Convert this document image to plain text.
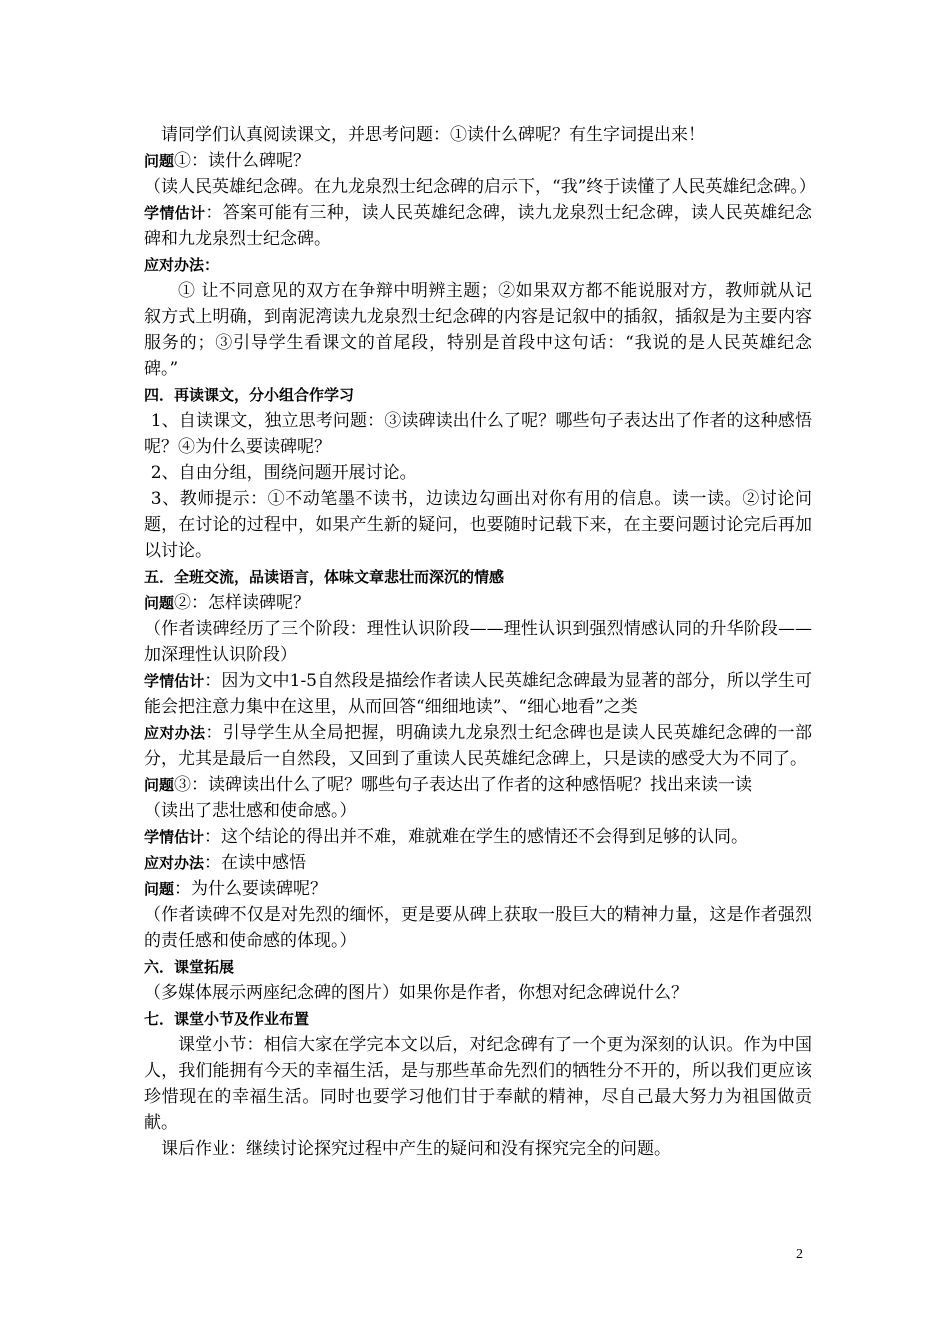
请同学们认真阅读课文，并思考问题：①读什么碑呢？有生字词提出来！

问题①：读什么碑呢？

（读人民英雄纪念碑。在九龙泉烈士纪念碑的启示下，“我”终于读懂了人民英雄纪念碑。）

学情估计：答案可能有三种，读人民英雄纪念碑，读九龙泉烈士纪念碑，读人民英雄纪念碑和九龙泉烈士纪念碑。

应对办法：

① 让不同意见的双方在争辩中明辨主题；②如果双方都不能说服对方，教师就从记叙方式上明确，到南泥湾读九龙泉烈士纪念碑的内容是记叙中的插叙，插叙是为主要内容服务的；③引导学生看课文的首尾段，特别是首段中这句话：“我说的是人民英雄纪念碑。”

四．再读课文，分小组合作学习

1、自读课文，独立思考问题：③读碑读出什么了呢？哪些句子表达出了作者的这种感悟呢？④为什么要读碑呢？

2、自由分组，围绕问题开展讨论。

3、教师提示：①不动笔墨不读书，边读边勾画出对你有用的信息。读一读。②讨论问题，在讨论的过程中，如果产生新的疑问，也要随时记载下来，在主要问题讨论完后再加以讨论。

五．全班交流，品读语言，体味文章悲壮而深沉的情感

问题②：怎样读碑呢？

（作者读碑经历了三个阶段：理性认识阶段——理性认识到强烈情感认同的升华阶段——加深理性认识阶段）

学情估计：因为文中1-5自然段是描绘作者读人民英雄纪念碑最为显著的部分，所以学生可能会把注意力集中在这里，从而回答“细细地读”、“细心地看”之类

应对办法：引导学生从全局把握，明确读九龙泉烈士纪念碑也是读人民英雄纪念碑的一部分，尤其是最后一自然段，又回到了重读人民英雄纪念碑上，只是读的感受大为不同了。

问题③：读碑读出什么了呢？哪些句子表达出了作者的这种感悟呢？找出来读一读

（读出了悲壮感和使命感。）

学情估计：这个结论的得出并不难，难就难在学生的感情还不会得到足够的认同。

应对办法：在读中感悟

问题：为什么要读碑呢？

（作者读碑不仅是对先烈的缅怀，更是要从碑上获取一股巨大的精神力量，这是作者强烈的责任感和使命感的体现。）

六．课堂拓展

（多媒体展示两座纪念碑的图片）如果你是作者，你想对纪念碑说什么？

七．课堂小节及作业布置

课堂小节：相信大家在学完本文以后，对纪念碑有了一个更为深刻的认识。作为中国人，我们能拥有今天的幸福生活，是与那些革命先烈们的牺牲分不开的，所以我们更应该珍惜现在的幸福生活。同时也要学习他们甘于奉献的精神，尽自己最大努力为祖国做贡献。

课后作业：继续讨论探究过程中产生的疑问和没有探究完全的问题。

2
